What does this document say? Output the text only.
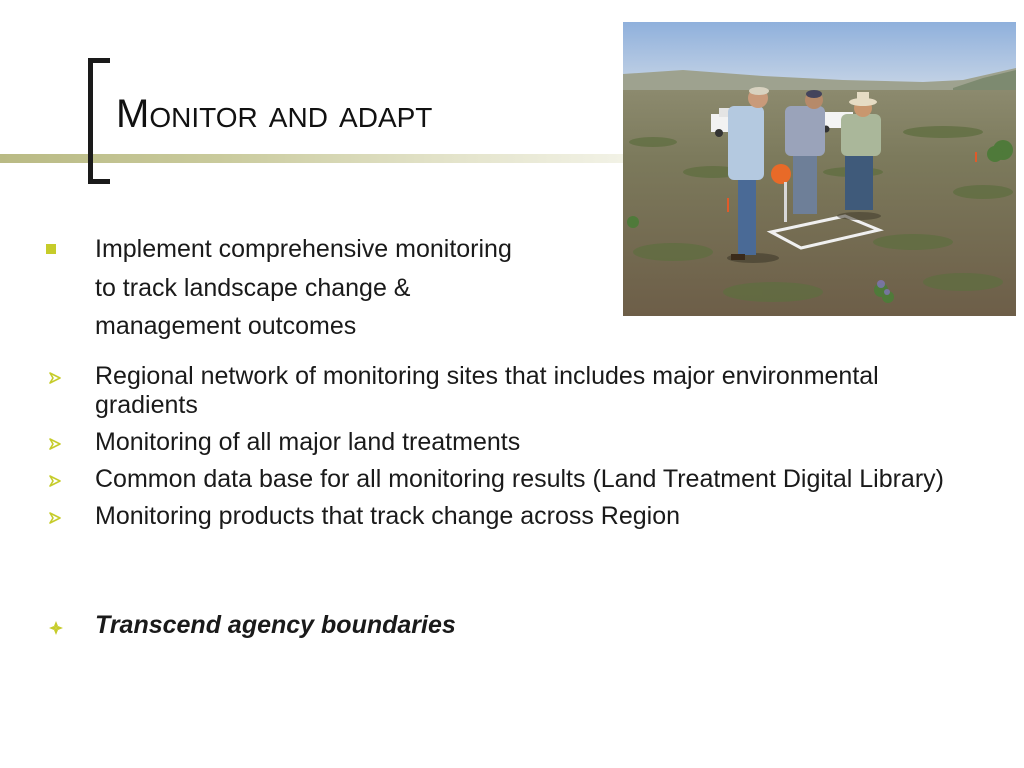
Monitor and adapt
Implement comprehensive monitoring
to track landscape change &
management outcomes
Regional network of monitoring sites that includes major environmental gradients
Monitoring of all major land treatments
Common data base for all monitoring results (Land Treatment Digital Library)
Monitoring products that track change across Region
Transcend agency boundaries
